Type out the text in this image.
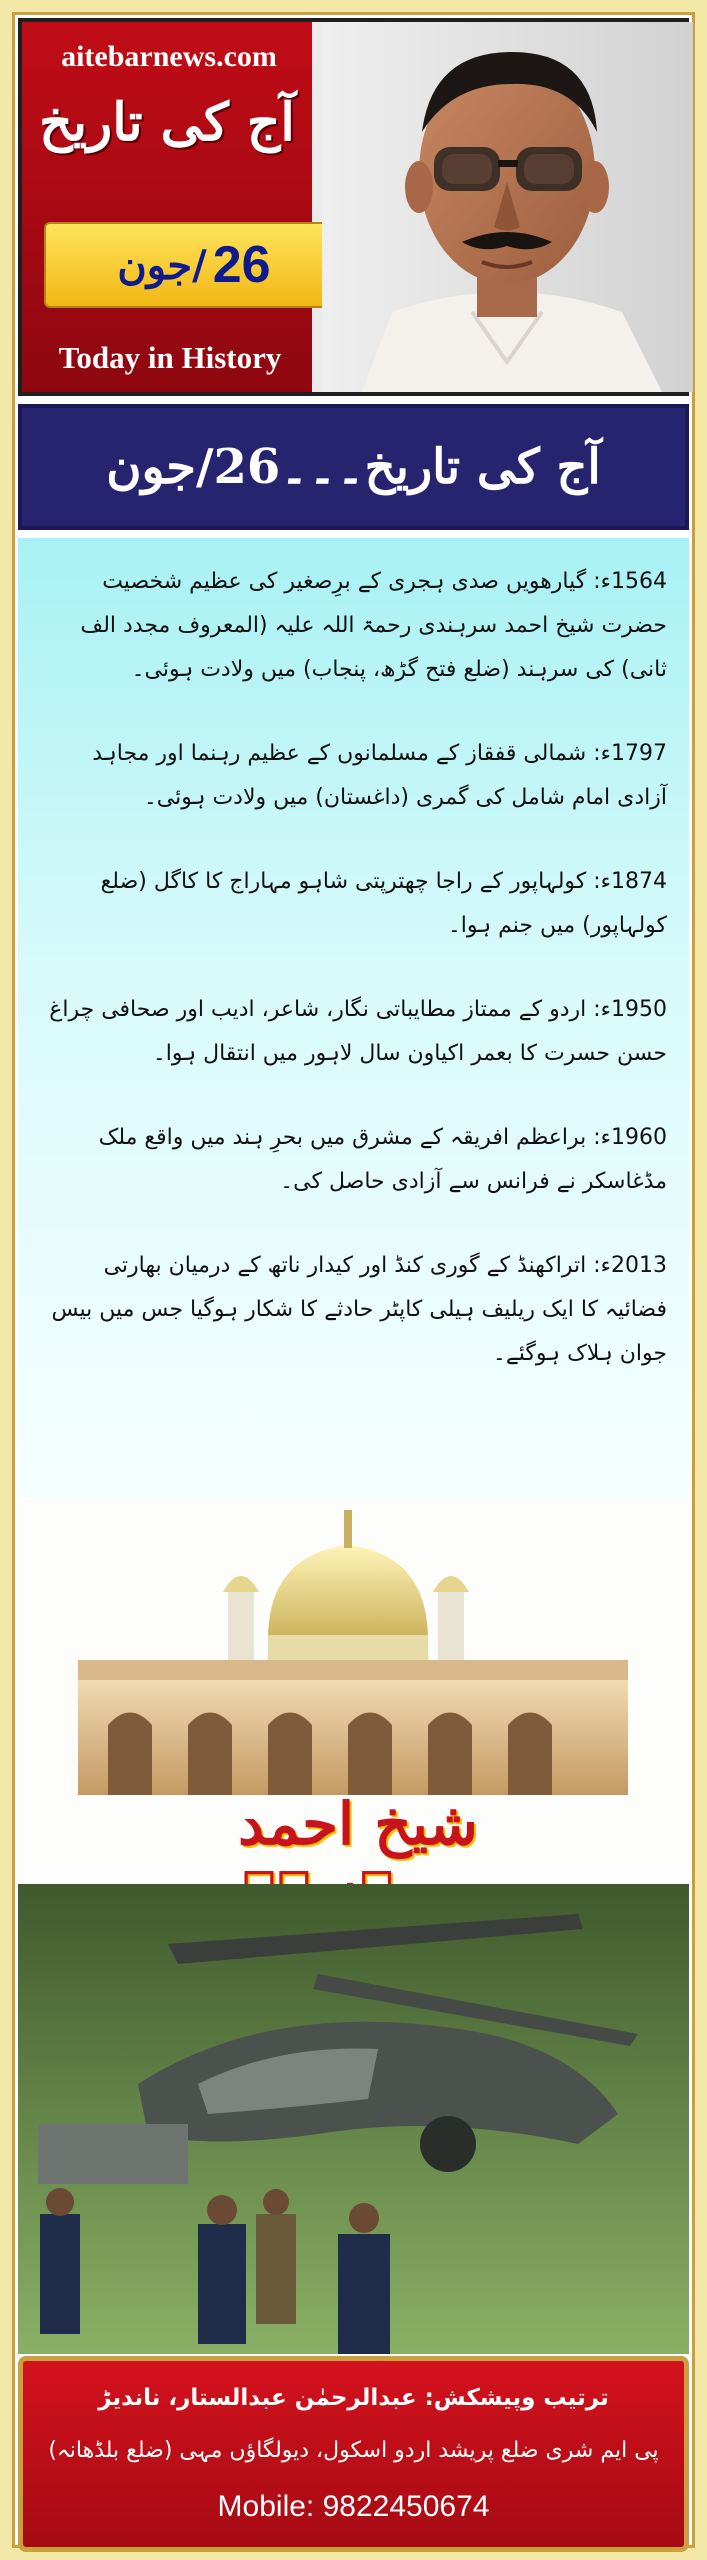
aitebarnews.com
آج کی تاریخ
Today in History
26
/جون
آج کی تاریخ۔۔۔26/جون

1564ء: گیارھویں صدی ہجری کے برِصغیر کی عظیم شخصیت حضرت شیخ احمد سرہندی رحمۃ اللہ علیہ (المعروف مجدد الف ثانی) کی سرہند (ضلع فتح گڑھ، پنجاب) میں ولادت ہوئی۔

1797ء: شمالی قفقاز کے مسلمانوں کے عظیم رہنما اور مجاہد آزادی امام شامل کی گمری (داغستان) میں ولادت ہوئی۔

1874ء: کولہاپور کے راجا چھترپتی شاہو مہاراج کا کاگل (ضلع کولہاپور) میں جنم ہوا۔

1950ء: اردو کے ممتاز مطایباتی نگار، شاعر، ادیب اور صحافی چراغ حسن حسرت کا بعمر اکیاون سال لاہور میں انتقال ہوا۔

1960ء: براعظم افریقہ کے مشرق میں بحرِ ہند میں واقع ملک مڈغاسکر نے فرانس سے آزادی حاصل کی۔

2013ء: اتراکھنڈ کے گوری کنڈ اور کیدار ناتھ کے درمیان بھارتی فضائیہ کا ایک ریلیف ہیلی کاپٹر حادثے کا شکار ہوگیا جس میں بیس جوان ہلاک ہوگئے۔

شیخ احمد
ترتیب وپیشکش: عبدالرحمٰن عبدالستار، نانديڑ
پی ایم شری ضلع پریشد اردو اسکول، دیولگاؤں مہی (ضلع بلڈھانہ)
Mobile: 9822450674
